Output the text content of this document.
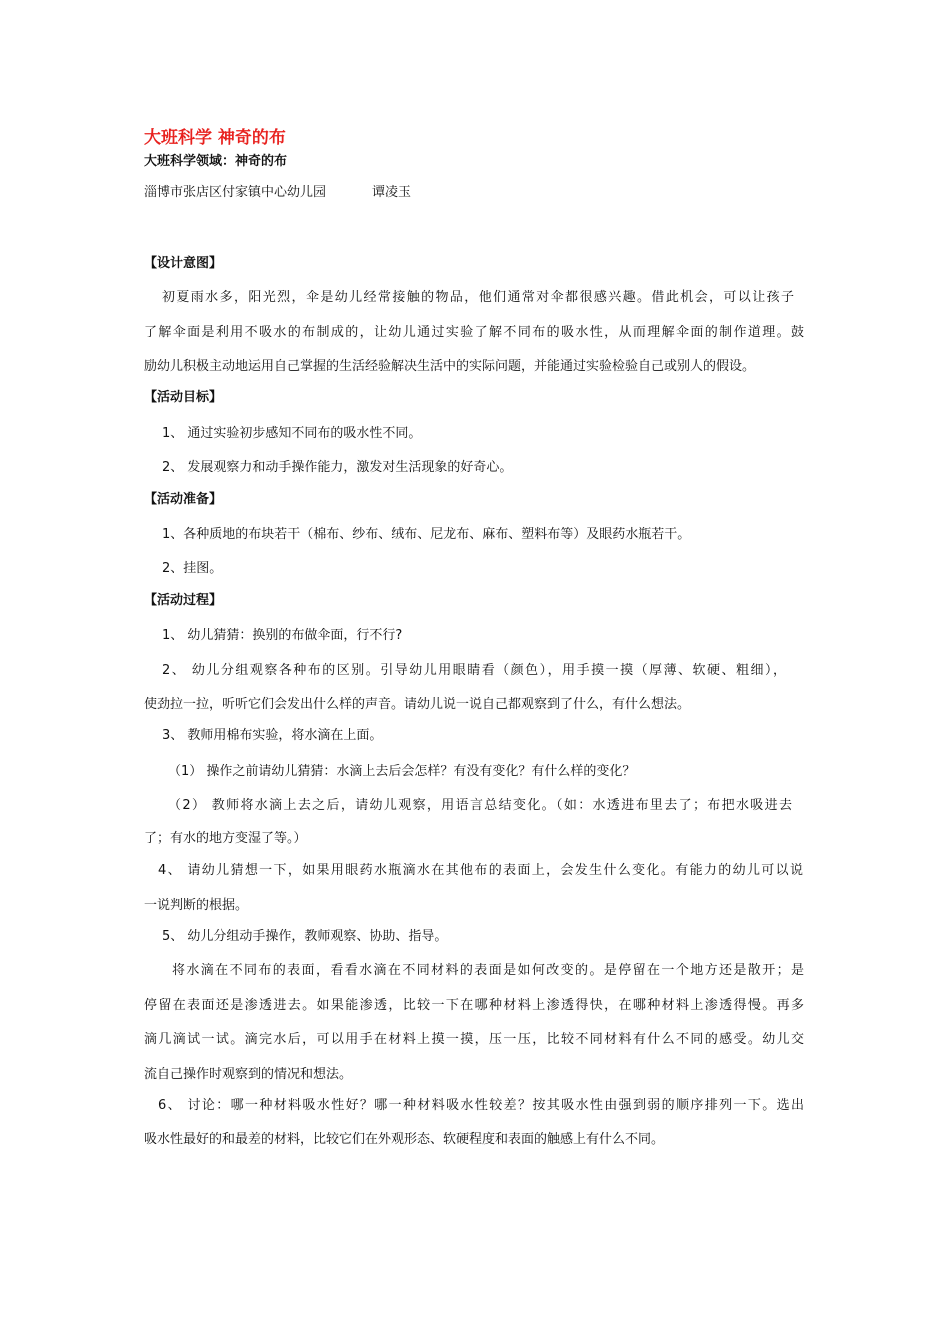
大班科学 神奇的布
大班科学领域：神奇的布
淄博市张店区付家镇中心幼儿园	谭凌玉
【设计意图】
初夏雨水多，阳光烈，伞是幼儿经常接触的物品，他们通常对伞都很感兴趣。借此机会，可以让孩子
了解伞面是利用不吸水的布制成的，让幼儿通过实验了解不同布的吸水性，从而理解伞面的制作道理。鼓
励幼儿积极主动地运用自己掌握的生活经验解决生活中的实际问题，并能通过实验检验自己或别人的假设。
【活动目标】
1、 通过实验初步感知不同布的吸水性不同。
2、 发展观察力和动手操作能力，激发对生活现象的好奇心。
【活动准备】
1、各种质地的布块若干（棉布、纱布、绒布、尼龙布、麻布、塑料布等）及眼药水瓶若干。
2、挂图。
【活动过程】
1、 幼儿猜猜：换别的布做伞面，行不行?
2、 幼儿分组观察各种布的区别。引导幼儿用眼睛看（颜色），用手摸一摸（厚薄、软硬、粗细），
使劲拉一拉，听听它们会发出什么样的声音。请幼儿说一说自己都观察到了什么，有什么想法。
3、 教师用棉布实验，将水滴在上面。
（1） 操作之前请幼儿猜猜：水滴上去后会怎样？有没有变化？有什么样的变化？
（2） 教师将水滴上去之后，请幼儿观察，用语言总结变化。（如：水透进布里去了；布把水吸进去
了；有水的地方变湿了等。）
4、 请幼儿猜想一下，如果用眼药水瓶滴水在其他布的表面上，会发生什么变化。有能力的幼儿可以说
一说判断的根据。
5、 幼儿分组动手操作，教师观察、协助、指导。
将水滴在不同布的表面，看看水滴在不同材料的表面是如何改变的。是停留在一个地方还是散开；是
停留在表面还是渗透进去。如果能渗透，比较一下在哪种材料上渗透得快，在哪种材料上渗透得慢。再多
滴几滴试一试。滴完水后，可以用手在材料上摸一摸，压一压，比较不同材料有什么不同的感受。幼儿交
流自己操作时观察到的情况和想法。
6、 讨论：哪一种材料吸水性好？哪一种材料吸水性较差？按其吸水性由强到弱的顺序排列一下。选出
吸水性最好的和最差的材料，比较它们在外观形态、软硬程度和表面的触感上有什么不同。
